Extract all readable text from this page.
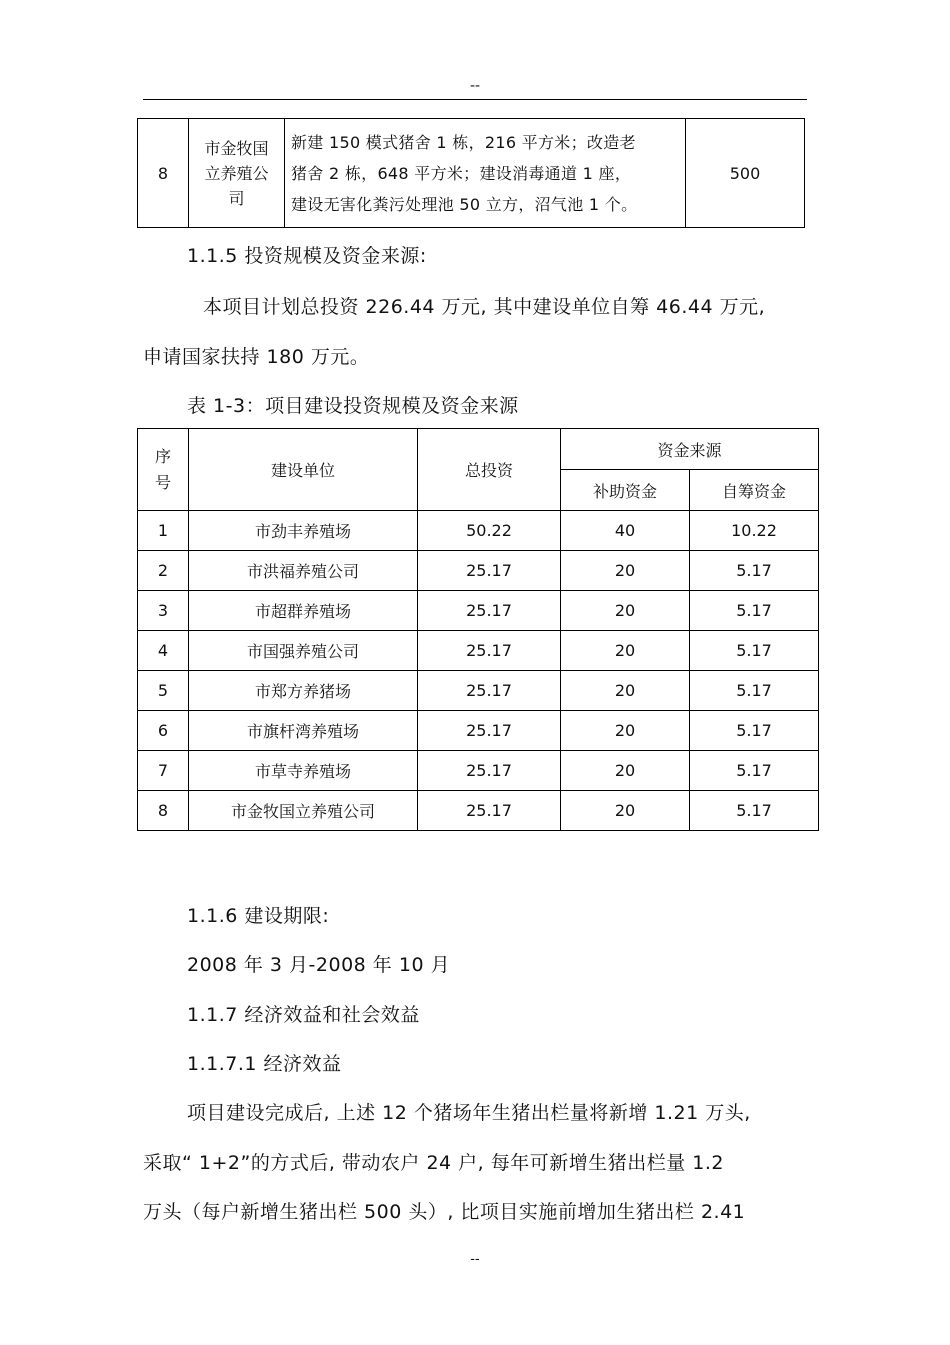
--
8	市金牧国
立养殖公
司	新建 150 模式猪舍 1 栋，216 平方米；改造老
猪舍 2 栋，648 平方米；建设消毒通道 1 座，
建设无害化粪污处理池 50 立方，沼气池 1 个。	500
1.1.5 投资规模及资金来源:
本项目计划总投资 226.44 万元, 其中建设单位自筹 46.44 万元,
申请国家扶持 180 万元。
表 1-3：项目建设投资规模及资金来源
序
号	建设单位	总投资	资金来源	
			补助资金	自筹资金
1	市劲丰养殖场	50.22	40	10.22
2	市洪福养殖公司	25.17	20	5.17
3	市超群养殖场	25.17	20	5.17
4	市国强养殖公司	25.17	20	5.17
5	市郑方养猪场	25.17	20	5.17
6	市旗杆湾养殖场	25.17	20	5.17
7	市草寺养殖场	25.17	20	5.17
8	市金牧国立养殖公司	25.17	20	5.17
1.1.6 建设期限:
2008 年 3 月-2008 年 10 月
1.1.7 经济效益和社会效益
1.1.7.1 经济效益
项目建设完成后, 上述 12 个猪场年生猪出栏量将新增 1.21 万头,
采取“ 1+2”的方式后, 带动农户 24 户, 每年可新增生猪出栏量 1.2
万头（每户新增生猪出栏 500 头）, 比项目实施前增加生猪出栏 2.41
--
